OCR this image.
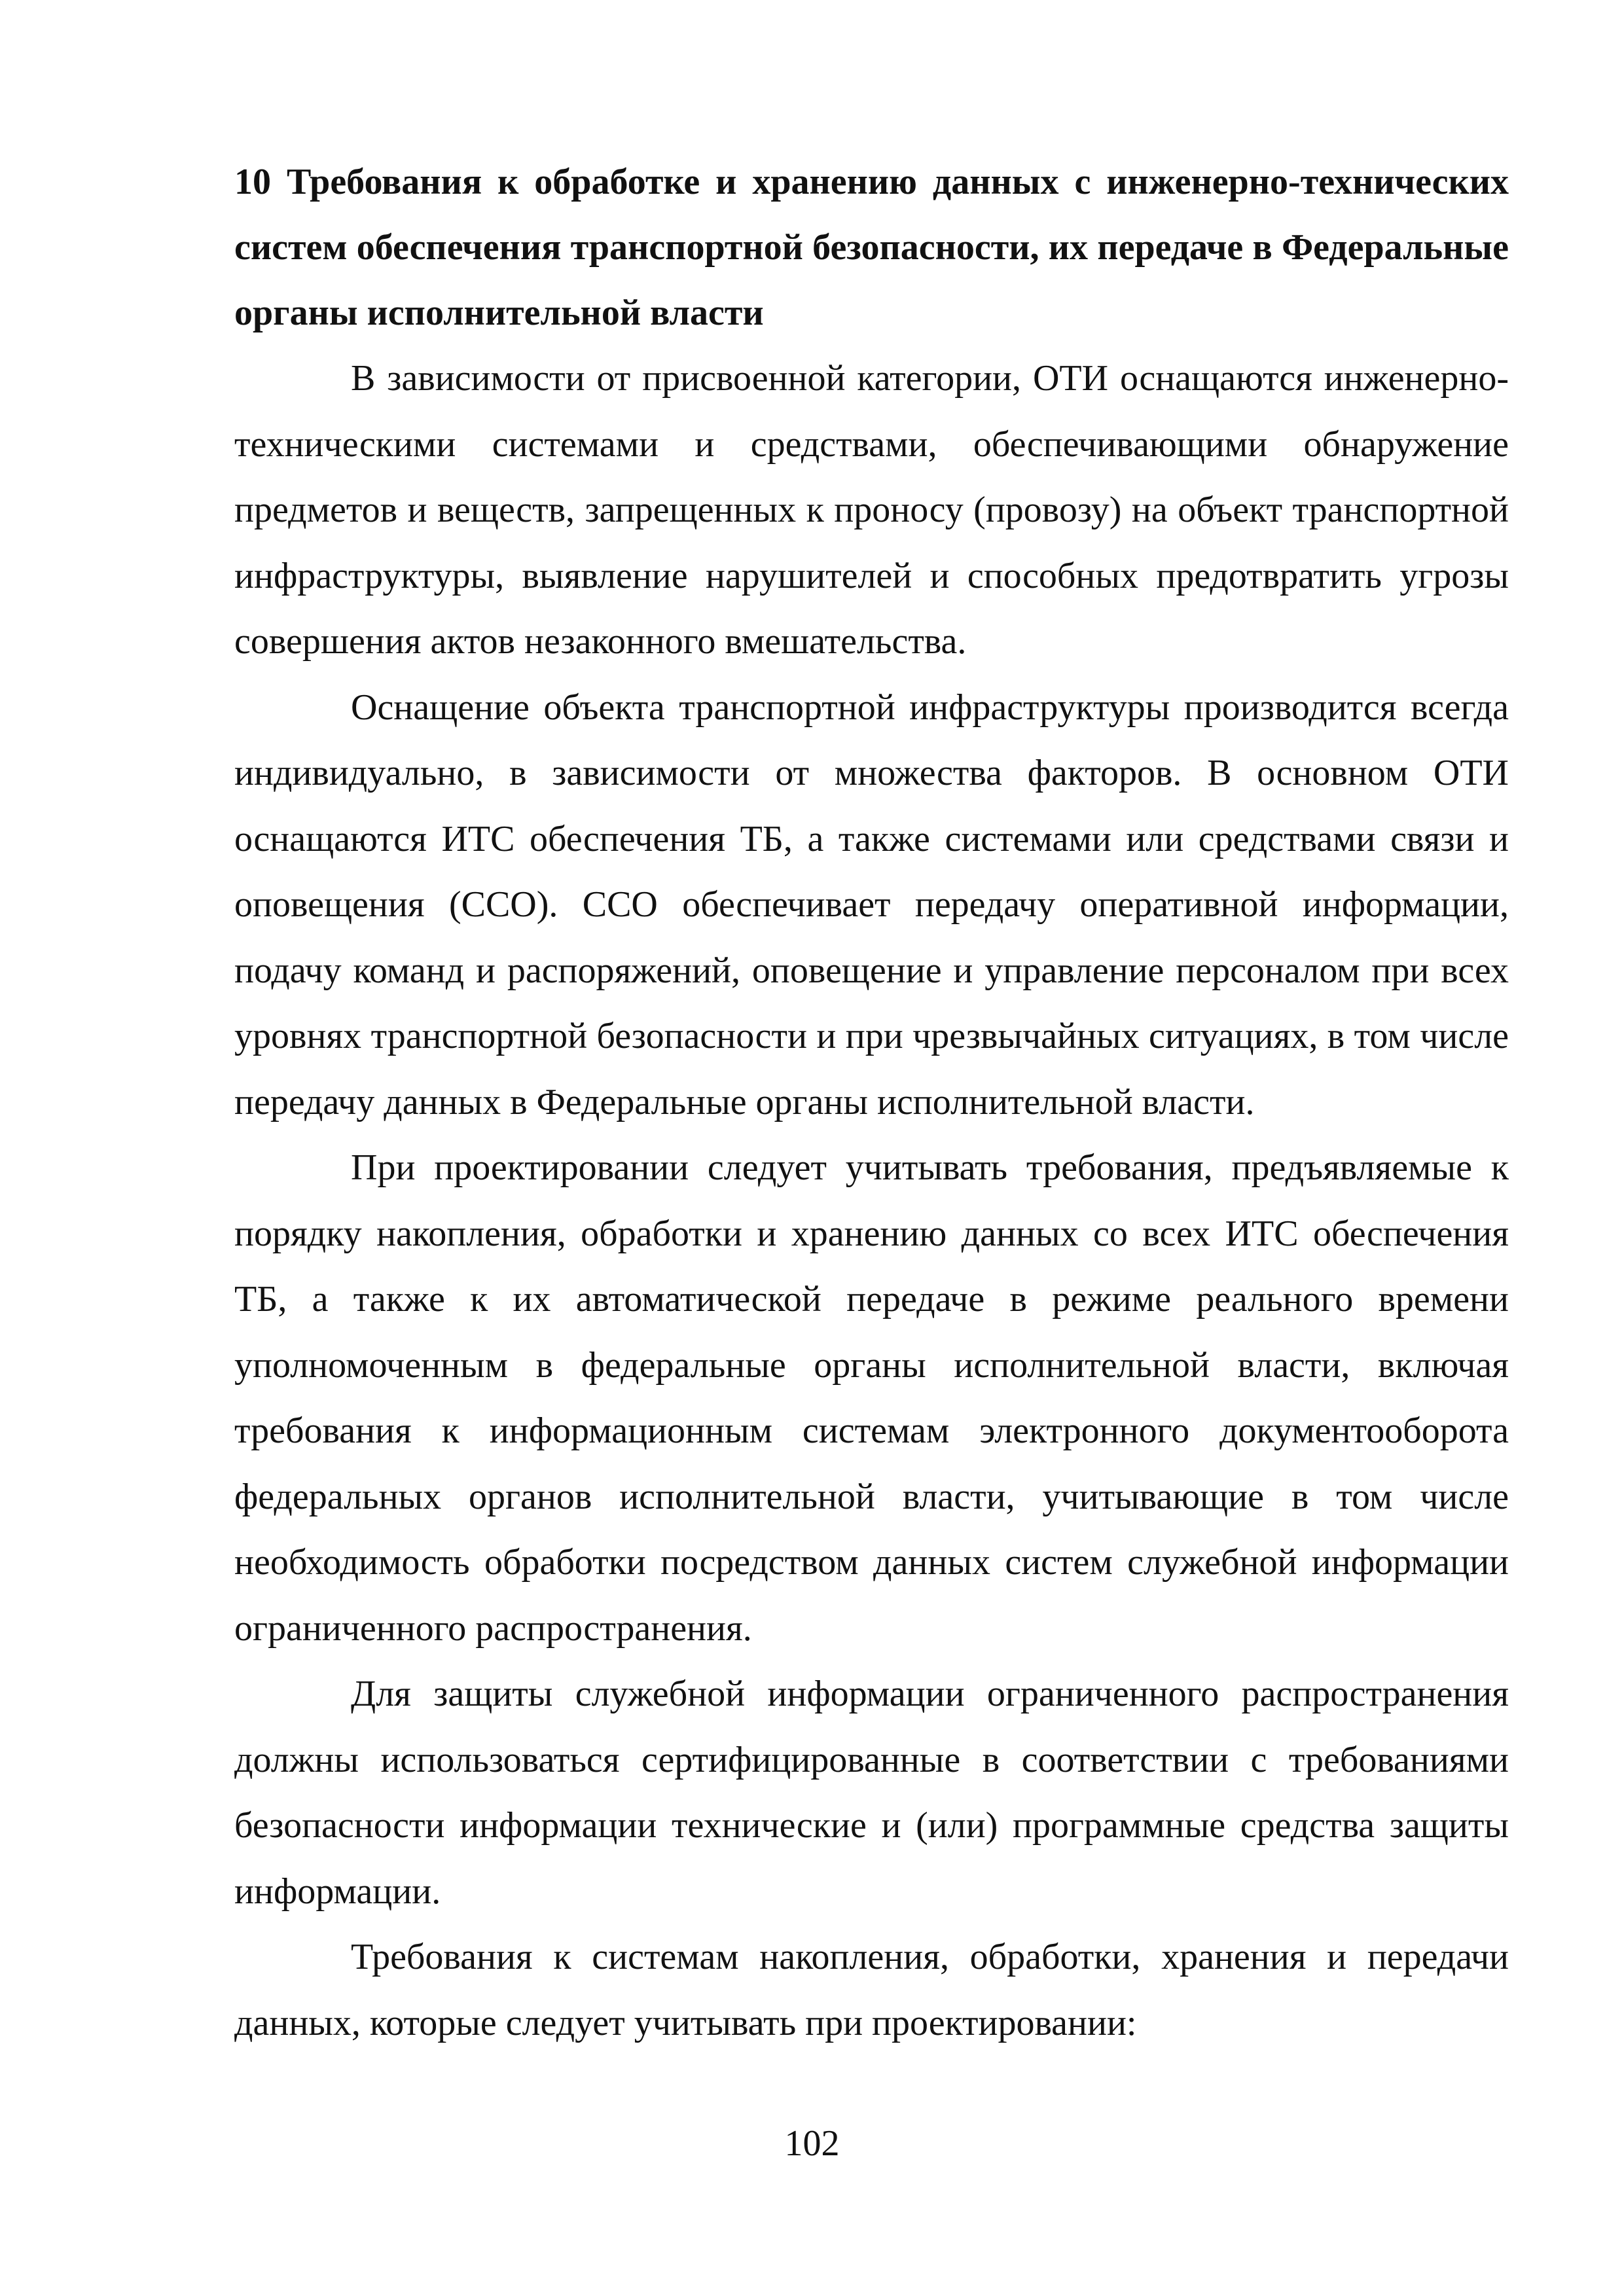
10 Требования к обработке и хранению данных с инженерно-технических систем обеспечения транспортной безопасности, их передаче в Федеральные органы исполнительной власти

В зависимости от присвоенной категории, ОТИ оснащаются инженерно-техническими системами и средствами, обеспечивающими обнаружение предметов и веществ, запрещенных к проносу (провозу) на объект транспортной инфраструктуры, выявление нарушителей и способных предотвратить угрозы совершения актов незаконного вмешательства.

Оснащение объекта транспортной инфраструктуры производится всегда индивидуально, в зависимости от множества факторов. В основном ОТИ оснащаются ИТС обеспечения ТБ, а также системами или средствами связи и оповещения (ССО). ССО обеспечивает передачу оперативной информации, подачу команд и распоряжений, оповещение и управление персоналом при всех уровнях транспортной безопасности и при чрезвычайных ситуациях, в том числе передачу данных в Федеральные органы исполнительной власти.

При проектировании следует учитывать требования, предъявляемые к порядку накопления, обработки и хранению данных со всех ИТС обеспечения ТБ, а также к их автоматической передаче в режиме реального времени уполномоченным в федеральные органы исполнительной власти, включая требования к информационным системам электронного документооборота федеральных органов исполнительной власти, учитывающие в том числе необходимость обработки посредством данных систем служебной информации ограниченного распространения.

Для защиты служебной информации ограниченного распространения должны использоваться сертифицированные в соответствии с требованиями безопасности информации технические и (или) программные средства защиты информации.

Требования к системам накопления, обработки, хранения и передачи данных, которые следует учитывать при проектировании:

102
